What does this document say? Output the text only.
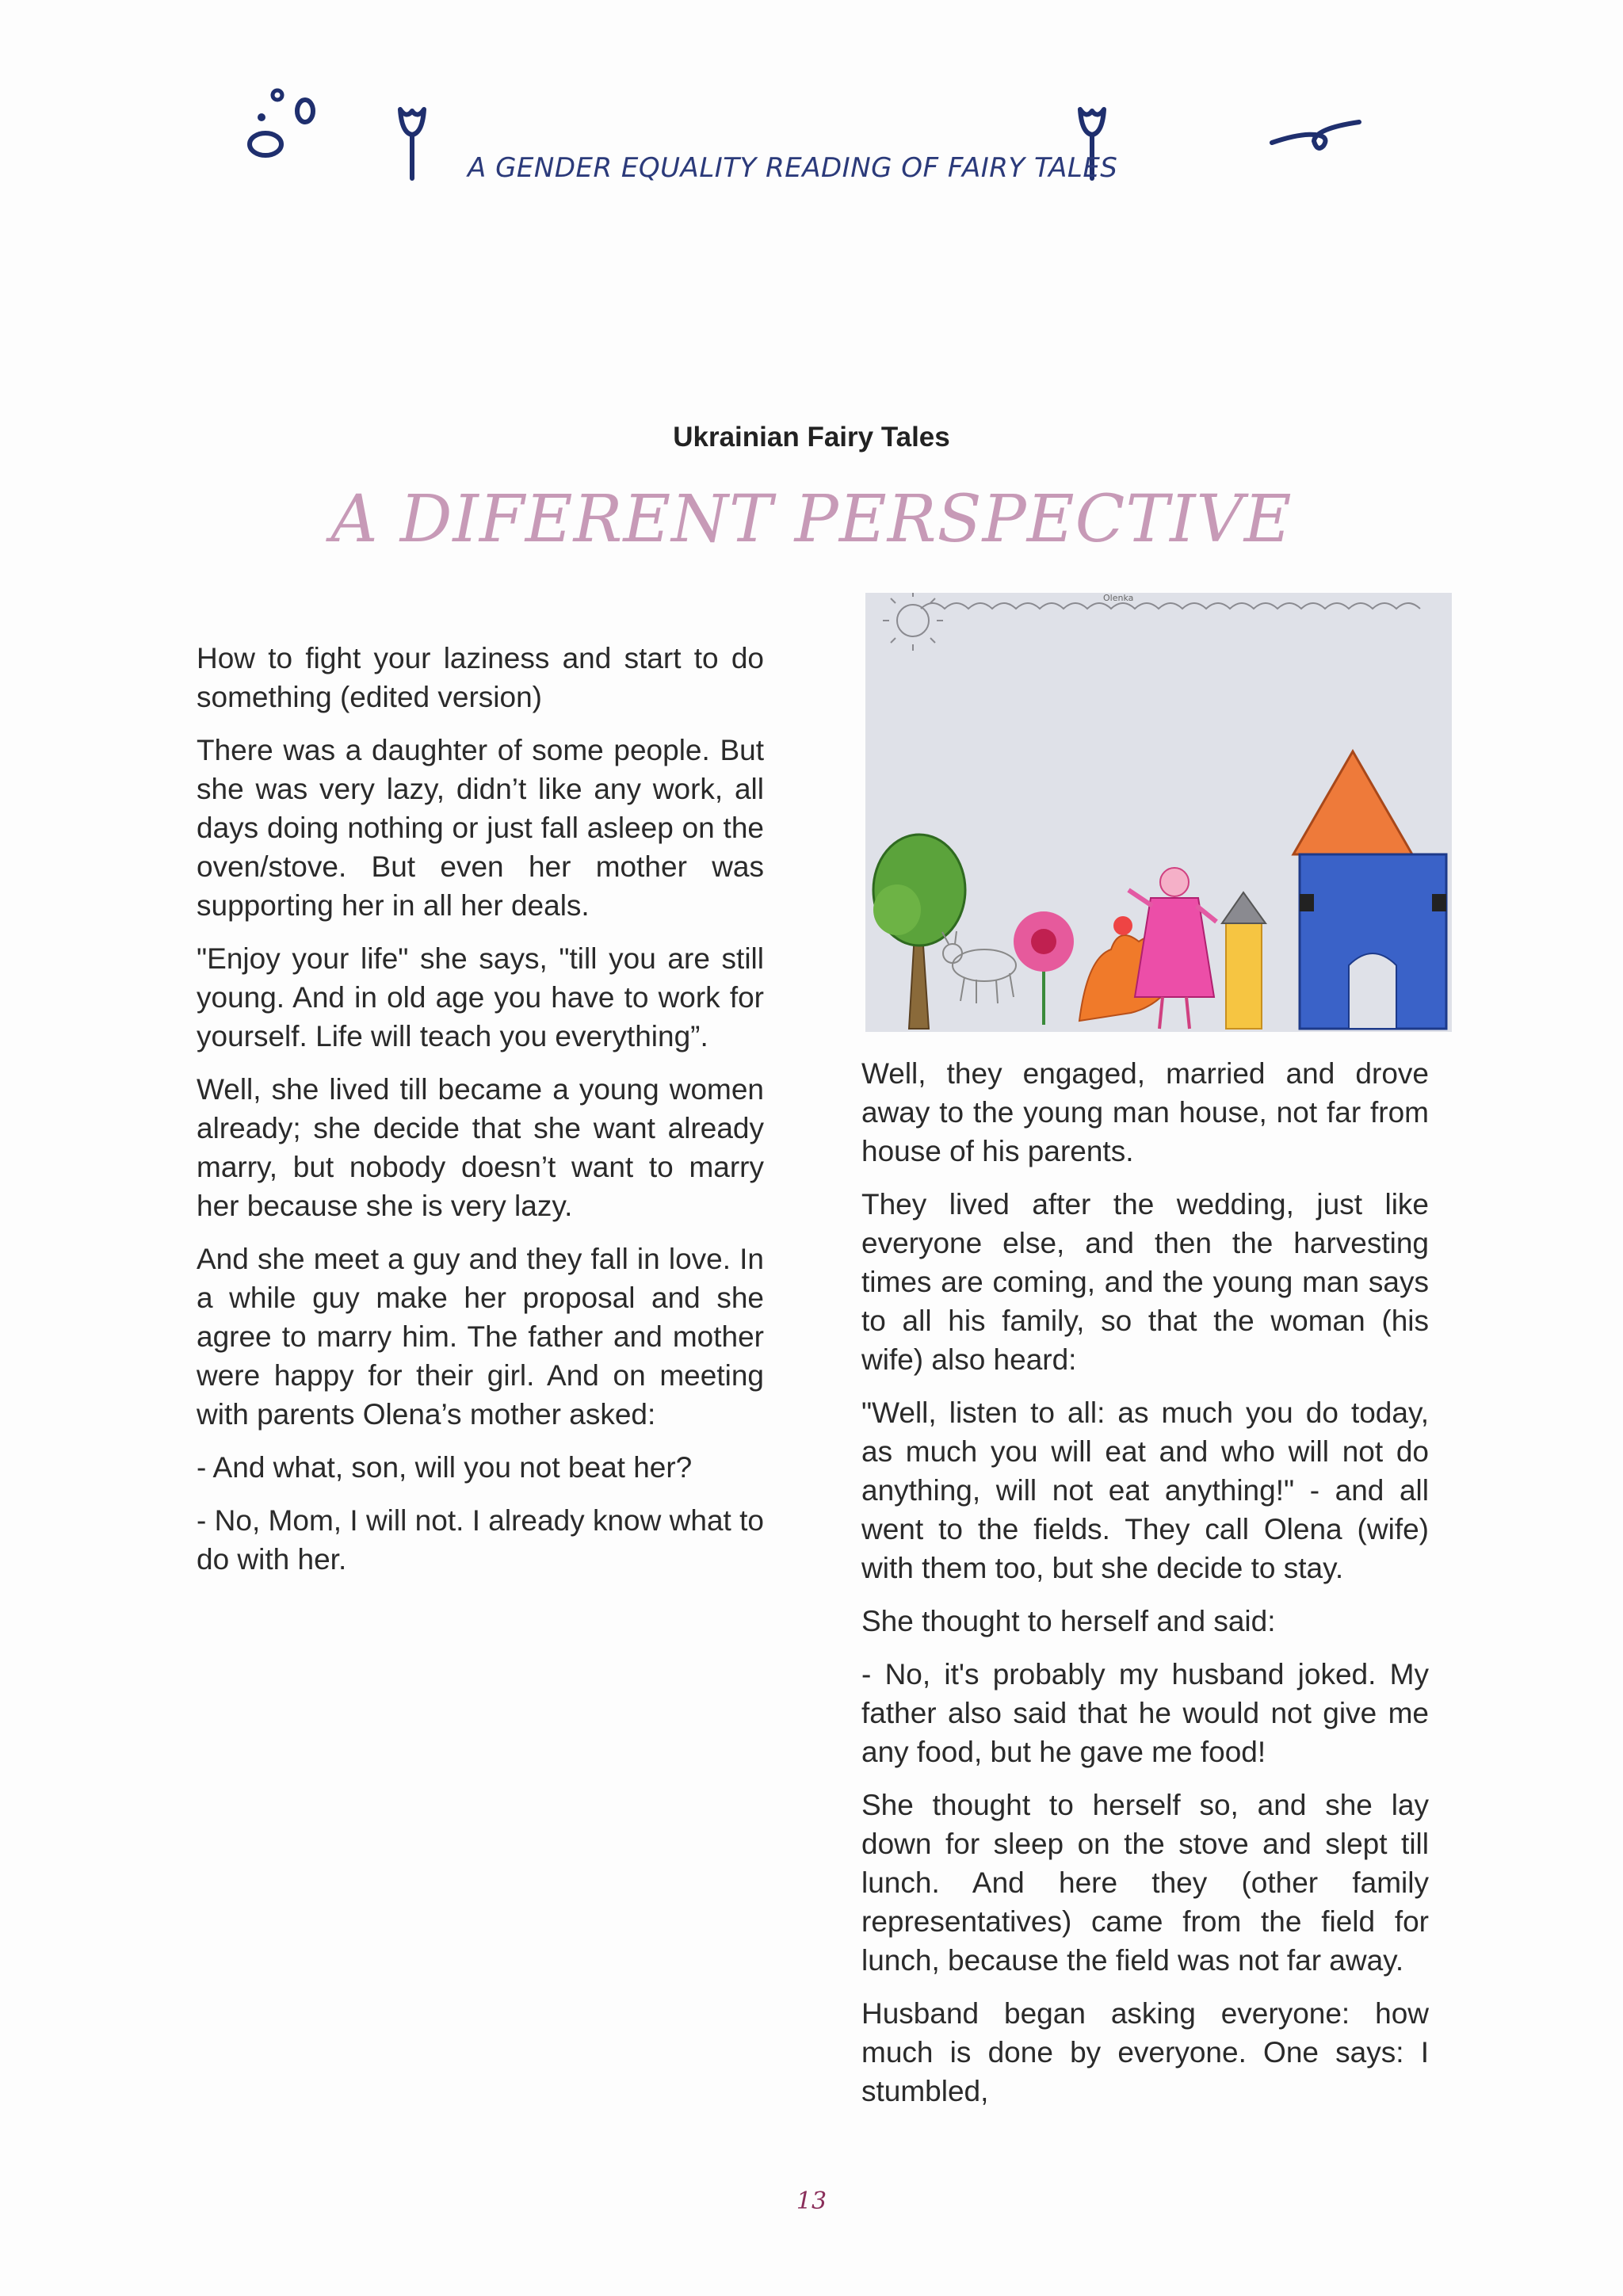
A GENDER EQUALITY READING OF FAIRY TALES
Ukrainian Fairy Tales
A DIFERENT PERSPECTIVE

How to fight your laziness and start to do something (edited version)

There was a daughter of some people. But she was very lazy, didn’t like any work, all days doing nothing or just fall asleep on the oven/stove. But even her mother was supporting her in all her deals.

"Enjoy your life" she says, "till you are still young. And in old age you have to work for yourself. Life will teach you everything”.

Well, she lived till became a young women already; she decide that she want already marry, but nobody doesn’t want to marry her because she is very lazy.

And she meet a guy and they fall in love. In a while guy make her proposal and she agree to marry him. The father and mother were happy for their girl. And on meeting with parents Olena’s mother asked:

- And what, son, will you not beat her?

- No, Mom, I will not. I already know what to do with her.

Olenka

Well, they engaged, married and drove away to the young man house, not far from house of his parents.

They lived after the wedding, just like everyone else, and then the harvesting times are coming, and the young man says to all his family, so that the woman (his wife) also heard:

"Well, listen to all: as much you do today, as much you will eat and who will not do anything, will not eat anything!" - and all went to the fields. They call Olena (wife) with them too, but she decide to stay.

She thought to herself and said:

- No, it's probably my husband joked. My father also said that he would not give me any food, but he gave me food!

She thought to herself so, and she lay down for sleep on the stove and slept till lunch. And here they (other family representatives) came from the field for lunch, because the field was not far away.

Husband began asking everyone: how much is done by everyone. One says: I stumbled,

13
